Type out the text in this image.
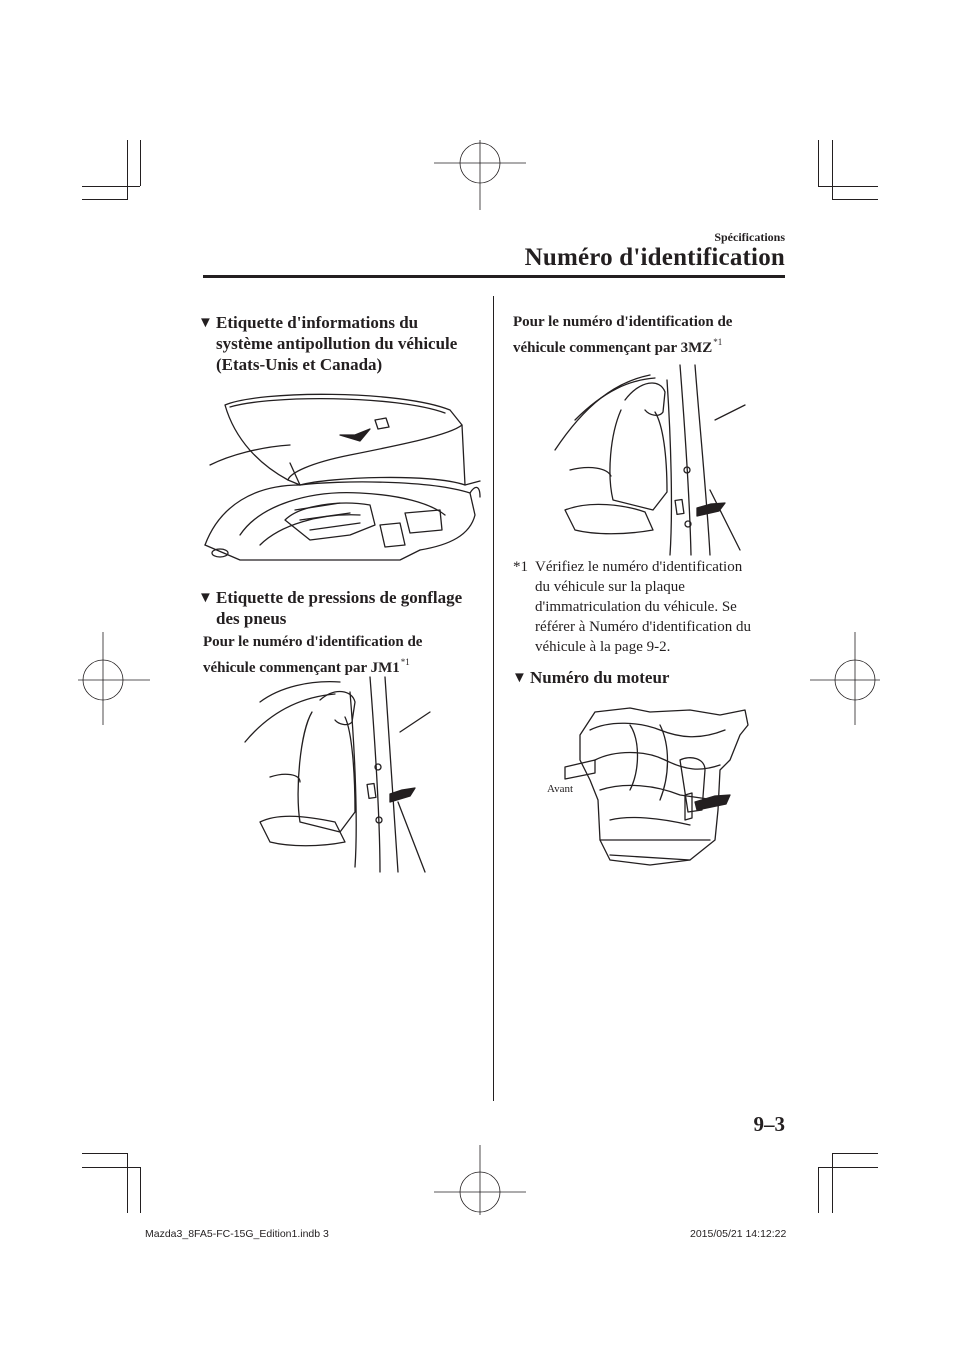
Spécifications
Numéro d'identification
▼ Etiquette d'informations du
système antipollution du véhicule
(Etats-Unis et Canada)
▼ Etiquette de pressions de gonflage
des pneus
Pour le numéro d'identification de
véhicule commençant par JM1$^{*1}$
Pour le numéro d'identification de
véhicule commençant par 3MZ$^{*1}$
*1 Vérifiez le numéro d'identification
du véhicule sur la plaque
d'immatriculation du véhicule. Se
référer à Numéro d'identification du
véhicule à la page 9-2.
▼ Numéro du moteur
Avant
9–3
Mazda3_8FA5-FC-15G_Edition1.indb 3	2015/05/21 14:12:22
